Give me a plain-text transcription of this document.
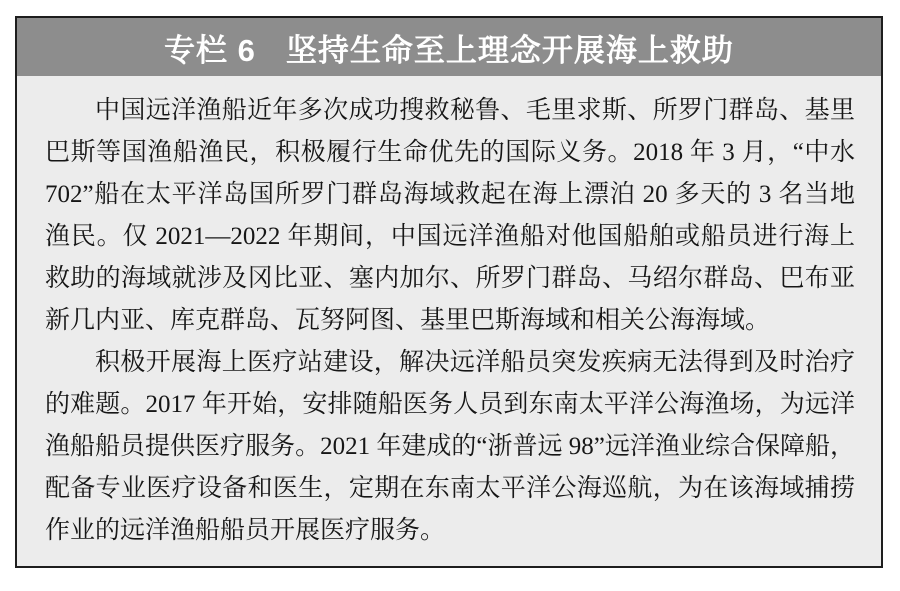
专栏 6 坚持生命至上理念开展海上救助

中国远洋渔船近年多次成功搜救秘鲁、毛里求斯、所罗门群岛、基里巴斯等国渔船渔民，积极履行生命优先的国际义务。2018 年 3 月，“中水 702”船在太平洋岛国所罗门群岛海域救起在海上漂泊 20 多天的 3 名当地渔民。仅 2021—2022 年期间，中国远洋渔船对他国船舶或船员进行海上救助的海域就涉及冈比亚、塞内加尔、所罗门群岛、马绍尔群岛、巴布亚新几内亚、库克群岛、瓦努阿图、基里巴斯海域和相关公海海域。

积极开展海上医疗站建设，解决远洋船员突发疾病无法得到及时治疗的难题。2017 年开始，安排随船医务人员到东南太平洋公海渔场，为远洋渔船船员提供医疗服务。2021 年建成的“浙普远 98”远洋渔业综合保障船，配备专业医疗设备和医生，定期在东南太平洋公海巡航，为在该海域捕捞作业的远洋渔船船员开展医疗服务。
